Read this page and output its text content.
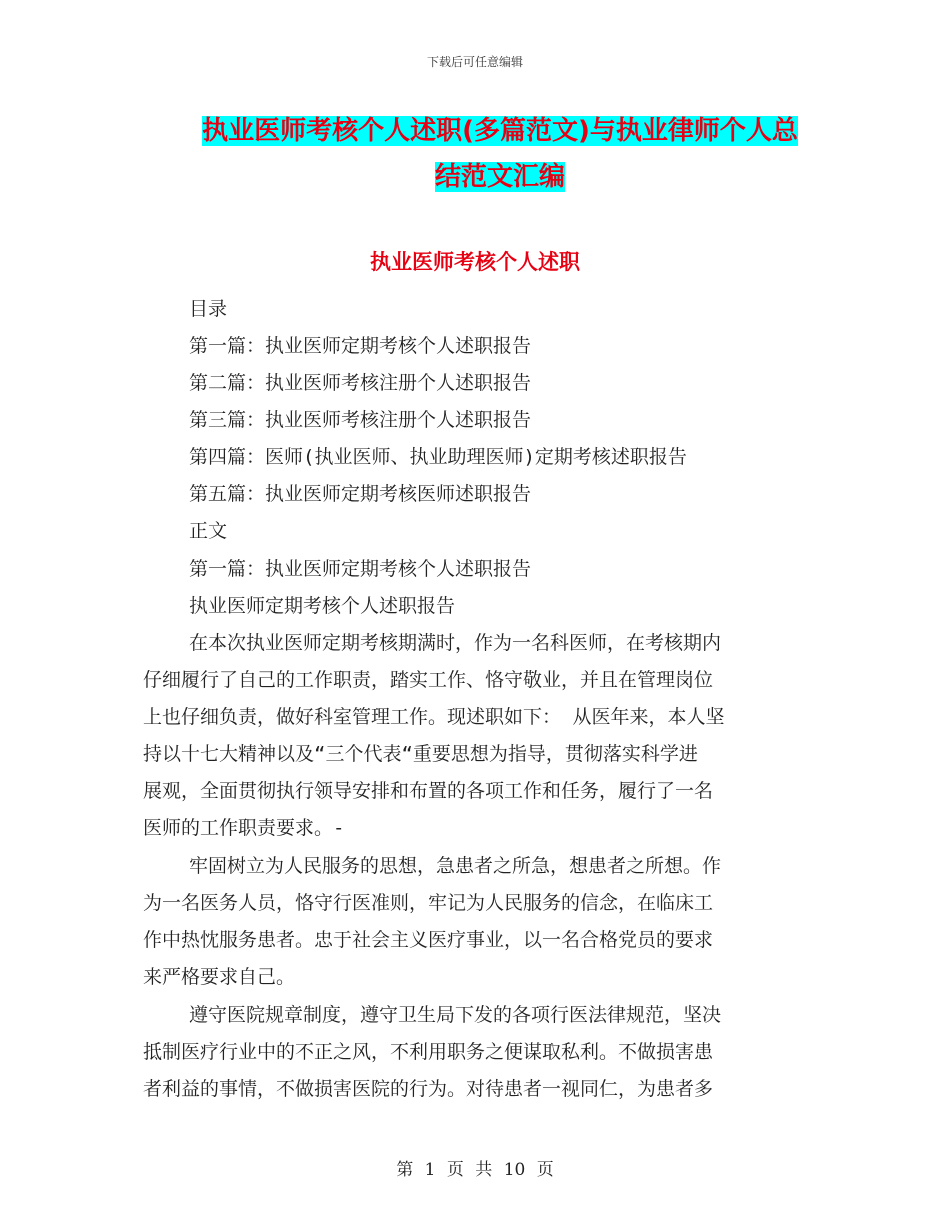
下载后可任意编辑
执业医师考核个人述职(多篇范文)与执业律师个人总
结范文汇编
执业医师考核个人述职
目录
第一篇：执业医师定期考核个人述职报告
第二篇：执业医师考核注册个人述职报告
第三篇：执业医师考核注册个人述职报告
第四篇：医师(执业医师、执业助理医师)定期考核述职报告
第五篇：执业医师定期考核医师述职报告
正文
第一篇：执业医师定期考核个人述职报告
执业医师定期考核个人述职报告
在本次执业医师定期考核期满时，作为一名科医师，在考核期内
仔细履行了自己的工作职责，踏实工作、恪守敬业，并且在管理岗位
上也仔细负责，做好科室管理工作。现述职如下： 从医年来，本人坚
持以十七大精神以及“三个代表“重要思想为指导，贯彻落实科学进
展观，全面贯彻执行领导安排和布置的各项工作和任务，履行了一名
医师的工作职责要求。-
牢固树立为人民服务的思想，急患者之所急，想患者之所想。作
为一名医务人员，恪守行医准则，牢记为人民服务的信念，在临床工
作中热忱服务患者。忠于社会主义医疗事业，以一名合格党员的要求
来严格要求自己。
遵守医院规章制度，遵守卫生局下发的各项行医法律规范，坚决
抵制医疗行业中的不正之风，不利用职务之便谋取私利。不做损害患
者利益的事情，不做损害医院的行为。对待患者一视同仁，为患者多
第 1 页 共 10 页
